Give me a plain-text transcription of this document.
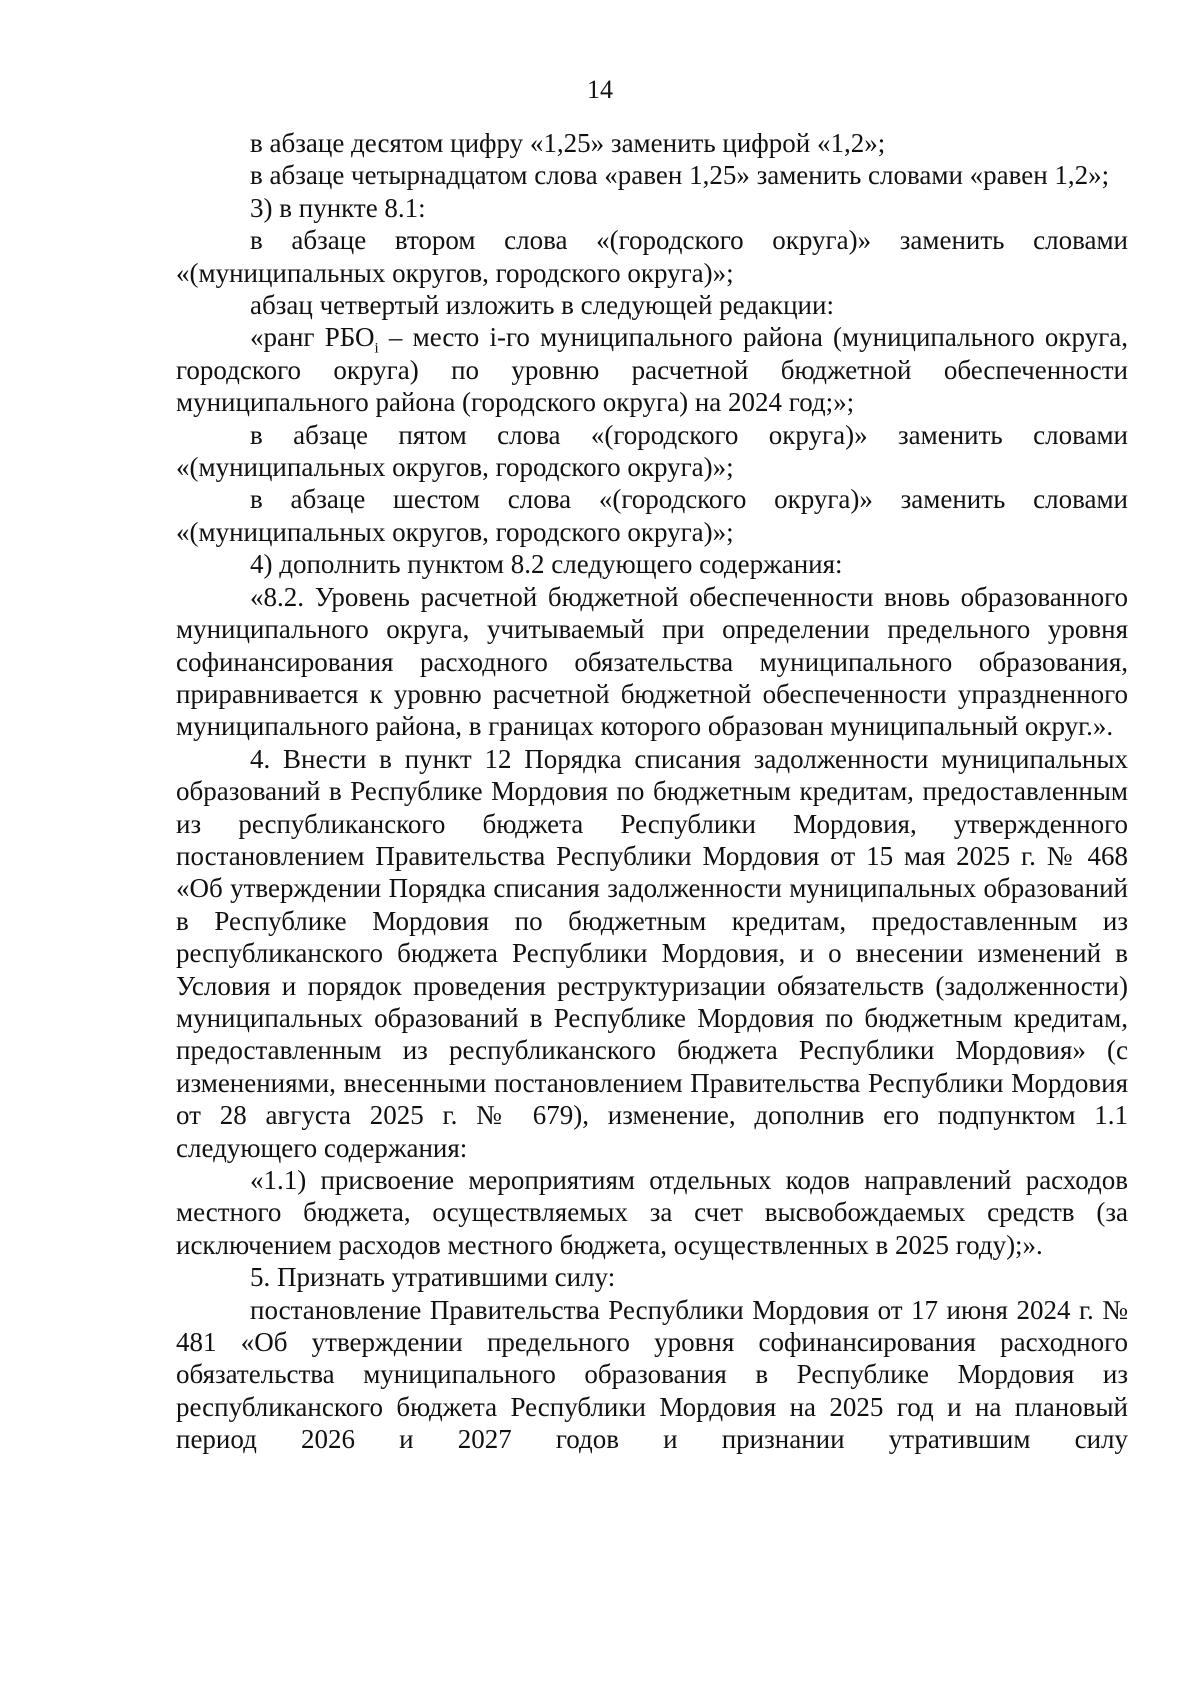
14

в абзаце десятом цифру «1,25» заменить цифрой «1,2»;

в абзаце четырнадцатом слова «равен 1,25» заменить словами «равен 1,2»;

3) в пункте 8.1:

в абзаце втором слова «(городского округа)» заменить словами «(муниципальных округов, городского округа)»;

абзац четвертый изложить в следующей редакции:

«ранг $РБО_i$ – место i-го муниципального района (муниципального округа, городского округа) по уровню расчетной бюджетной обеспеченности муниципального района (городского округа) на 2024 год;»;

в абзаце пятом слова «(городского округа)» заменить словами «(муниципальных округов, городского округа)»;

в абзаце шестом слова «(городского округа)» заменить словами «(муниципальных округов, городского округа)»;

4) дополнить пунктом 8.2 следующего содержания:

«8.2. Уровень расчетной бюджетной обеспеченности вновь образованного муниципального округа, учитываемый при определении предельного уровня софинансирования расходного обязательства муниципального образования, приравнивается к уровню расчетной бюджетной обеспеченности упраздненного муниципального района, в границах которого образован муниципальный округ.».

4. Внести в пункт 12 Порядка списания задолженности муниципальных образований в Республике Мордовия по бюджетным кредитам, предоставленным из республиканского бюджета Республики Мордовия, утвержденного постановлением Правительства Республики Мордовия от 15 мая 2025 г. № 468 «Об утверждении Порядка списания задолженности муниципальных образований в Республике Мордовия по бюджетным кредитам, предоставленным из республиканского бюджета Республики Мордовия, и о внесении изменений в Условия и порядок проведения реструктуризации обязательств (задолженности) муниципальных образований в Республике Мордовия по бюджетным кредитам, предоставленным из республиканского бюджета Республики Мордовия» (с изменениями, внесенными постановлением Правительства Республики Мордовия от 28 августа 2025 г. № 679), изменение, дополнив его подпунктом 1.1 следующего содержания:

«1.1) присвоение мероприятиям отдельных кодов направлений расходов местного бюджета, осуществляемых за счет высвобождаемых средств (за исключением расходов местного бюджета, осуществленных в 2025 году);».

5. Признать утратившими силу:

постановление Правительства Республики Мордовия от 17 июня 2024 г. № 481 «Об утверждении предельного уровня софинансирования расходного обязательства муниципального образования в Республике Мордовия из республиканского бюджета Республики Мордовия на 2025 год и на плановый период 2026 и 2027 годов и признании утратившим силу
